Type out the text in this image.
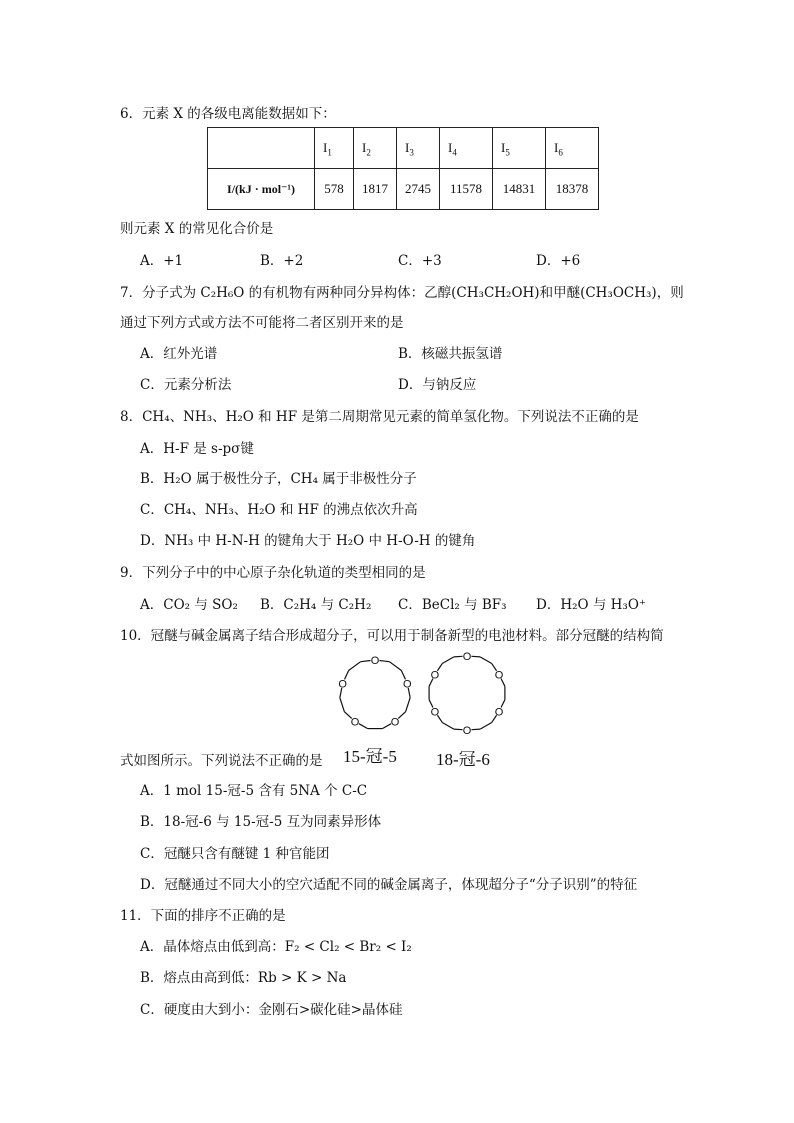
6．元素 X 的各级电离能数据如下：
	$I_1$	$I_2$	$I_3$	$I_4$	$I_5$	$I_6$
I/(kJ · mol⁻¹)	578	1817	2745	11578	14831	18378
则元素 X 的常见化合价是
A．+1	B．+2	C．+3	D．+6
7．分子式为 C₂H₆O 的有机物有两种同分异构体：乙醇(CH₃CH₂OH)和甲醚(CH₃OCH₃)，则
通过下列方式或方法不可能将二者区别开来的是
A．红外光谱	B．核磁共振氢谱
C．元素分析法	D．与钠反应
8．CH₄、NH₃、H₂O 和 HF 是第二周期常见元素的简单氢化物。下列说法不正确的是
A．H-F 是 s-pσ键
B．H₂O 属于极性分子，CH₄ 属于非极性分子
C．CH₄、NH₃、H₂O 和 HF 的沸点依次升高
D．NH₃ 中 H-N-H 的键角大于 H₂O 中 H-O-H 的键角
9．下列分子中的中心原子杂化轨道的类型相同的是
A．CO₂ 与 SO₂ B．C₂H₄ 与 C₂H₂ C．BeCl₂ 与 BF₃ D．H₂O 与 H₃O⁺
10．冠醚与碱金属离子结合形成超分子，可以用于制备新型的电池材料。部分冠醚的结构简
O
O
O
O
O
O
O
O
O
O
O
15-冠-5 18-冠-6
式如图所示。下列说法不正确的是
A．1 mol 15-冠-5 含有 5NA 个 C-C
B．18-冠-6 与 15-冠-5 互为同素异形体
C．冠醚只含有醚键 1 种官能团
D．冠醚通过不同大小的空穴适配不同的碱金属离子，体现超分子“分子识别”的特征
11．下面的排序不正确的是
A．晶体熔点由低到高：F₂ < Cl₂ < Br₂ < I₂
B．熔点由高到低：Rb > K > Na
C．硬度由大到小：金刚石>碳化硅>晶体硅
